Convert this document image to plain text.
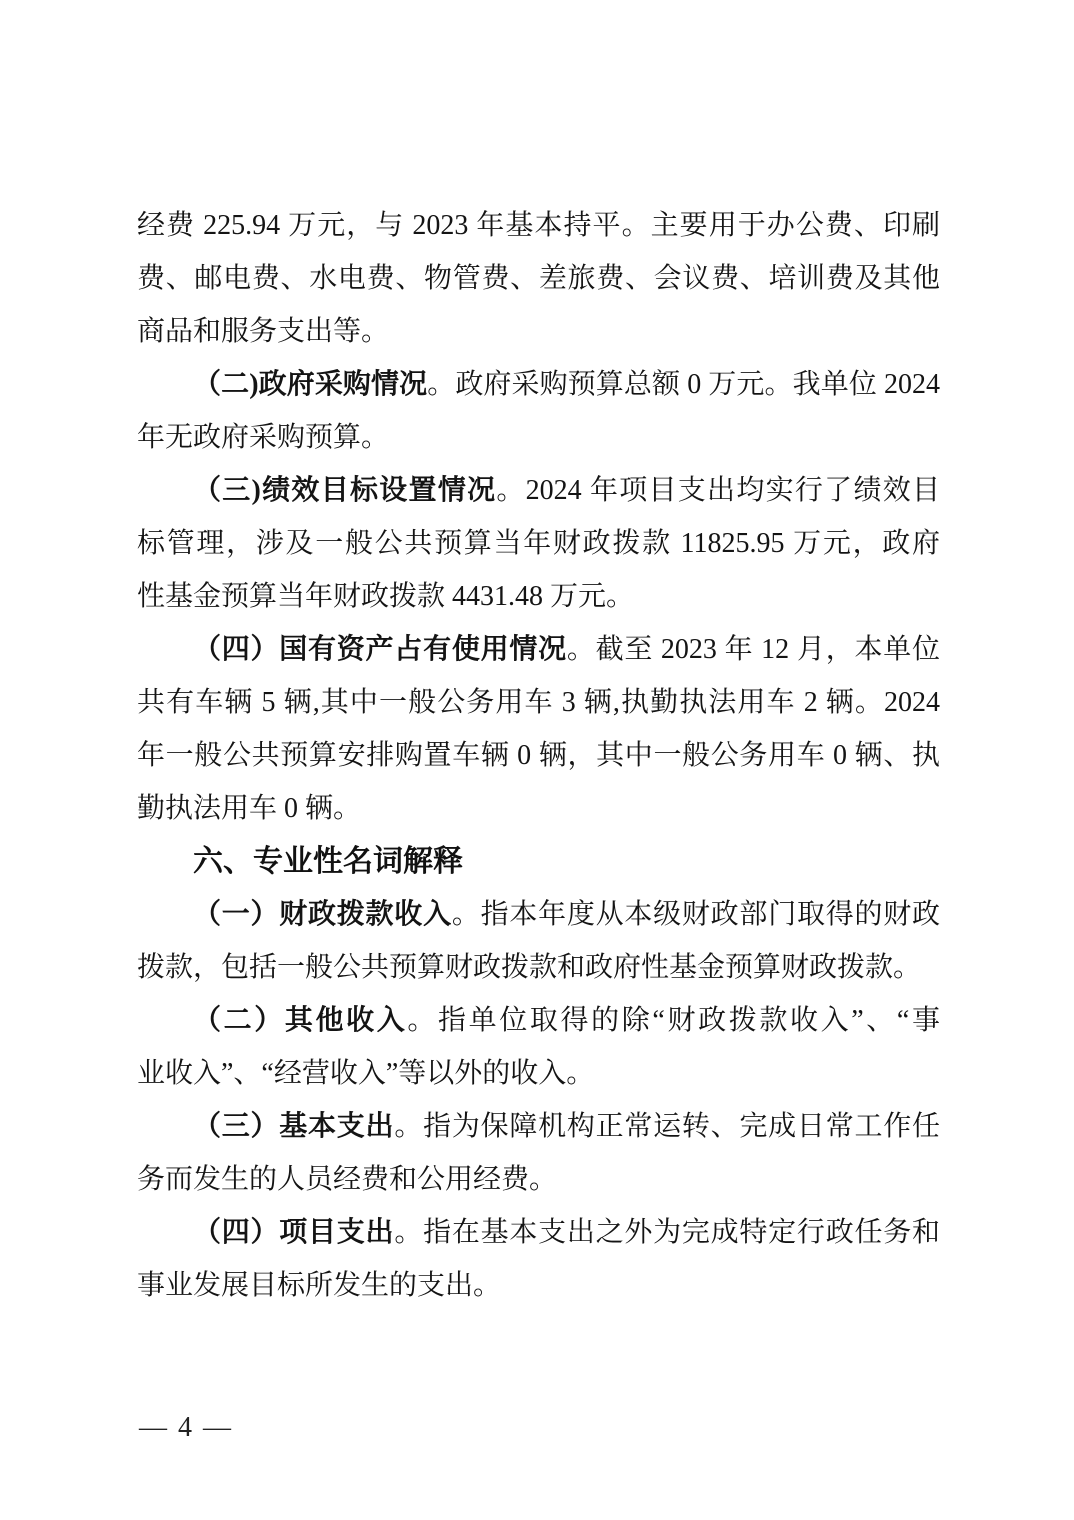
经费 225.94 万元，与 2023 年基本持平。主要用于办公费、印刷
费、邮电费、水电费、物管费、差旅费、会议费、培训费及其他
商品和服务支出等。
（二)政府采购情况。政府采购预算总额 0 万元。我单位 2024
年无政府采购预算。
（三)绩效目标设置情况。2024 年项目支出均实行了绩效目
标管理，涉及一般公共预算当年财政拨款 11825.95 万元，政府
性基金预算当年财政拨款 4431.48 万元。
（四）国有资产占有使用情况。截至 2023 年 12 月，本单位
共有车辆 5 辆,其中一般公务用车 3 辆,执勤执法用车 2 辆。2024
年一般公共预算安排购置车辆 0 辆，其中一般公务用车 0 辆、执
勤执法用车 0 辆。
六、专业性名词解释
（一）财政拨款收入。指本年度从本级财政部门取得的财政
拨款，包括一般公共预算财政拨款和政府性基金预算财政拨款。
（二）其他收入。指单位取得的除“财政拨款收入”、“事
业收入”、“经营收入”等以外的收入。
（三）基本支出。指为保障机构正常运转、完成日常工作任
务而发生的人员经费和公用经费。
（四）项目支出。指在基本支出之外为完成特定行政任务和
事业发展目标所发生的支出。
— 4 —
